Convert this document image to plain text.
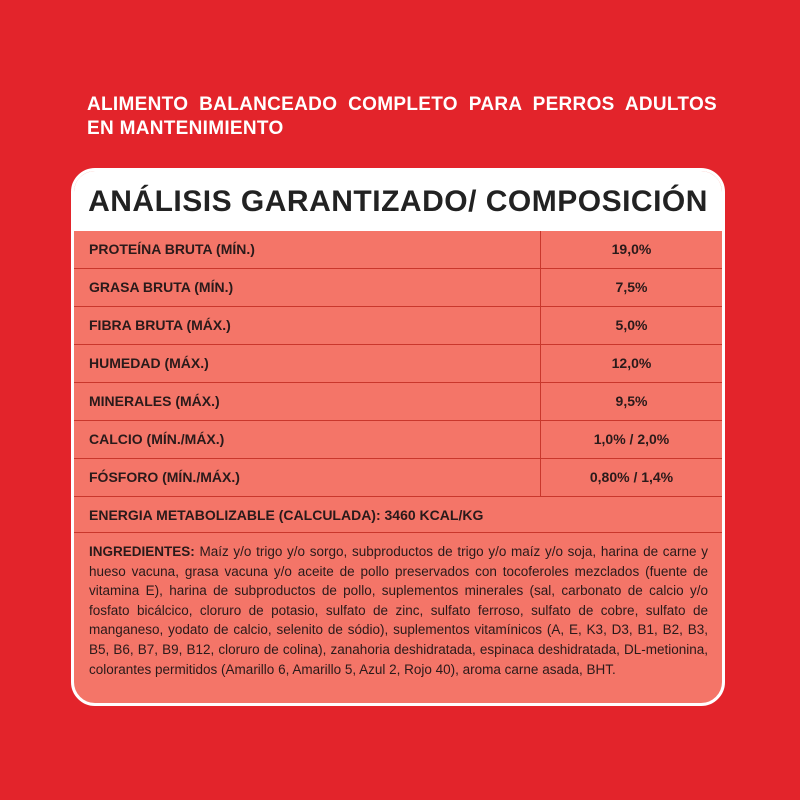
ALIMENTO BALANCEADO COMPLETO PARA PERROS ADULTOS
EN MANTENIMIENTO
ANÁLISIS GARANTIZADO/ COMPOSICIÓN
PROTEÍNA BRUTA (MÍN.)	19,0%
GRASA BRUTA (MÍN.)	7,5%
FIBRA BRUTA (MÁX.)	5,0%
HUMEDAD (MÁX.)	12,0%
MINERALES (MÁX.)	9,5%
CALCIO (MÍN./MÁX.)	1,0% / 2,0%
FÓSFORO (MÍN./MÁX.)	0,80% / 1,4%
ENERGIA METABOLIZABLE (CALCULADA): 3460 KCAL/KG
INGREDIENTES: Maíz y/o trigo y/o sorgo, subproductos de trigo y/o maíz y/o soja, harina de carne y hueso vacuna, grasa vacuna y/o aceite de pollo preservados con tocoferoles mezclados (fuente de vitamina E), harina de subproductos de pollo, suplementos minerales (sal, carbonato de calcio y/o fosfato bicálcico, cloruro de potasio, sulfato de zinc, sulfato ferroso, sulfato de cobre, sulfato de manganeso, yodato de calcio, selenito de sódio), suplementos vitamínicos (A, E, K3, D3, B1, B2, B3, B5, B6, B7, B9, B12, cloruro de colina), zanahoria deshidratada, espinaca deshidratada, DL-metionina, colorantes permitidos (Amarillo 6, Amarillo 5, Azul 2, Rojo 40), aroma carne asada, BHT.
